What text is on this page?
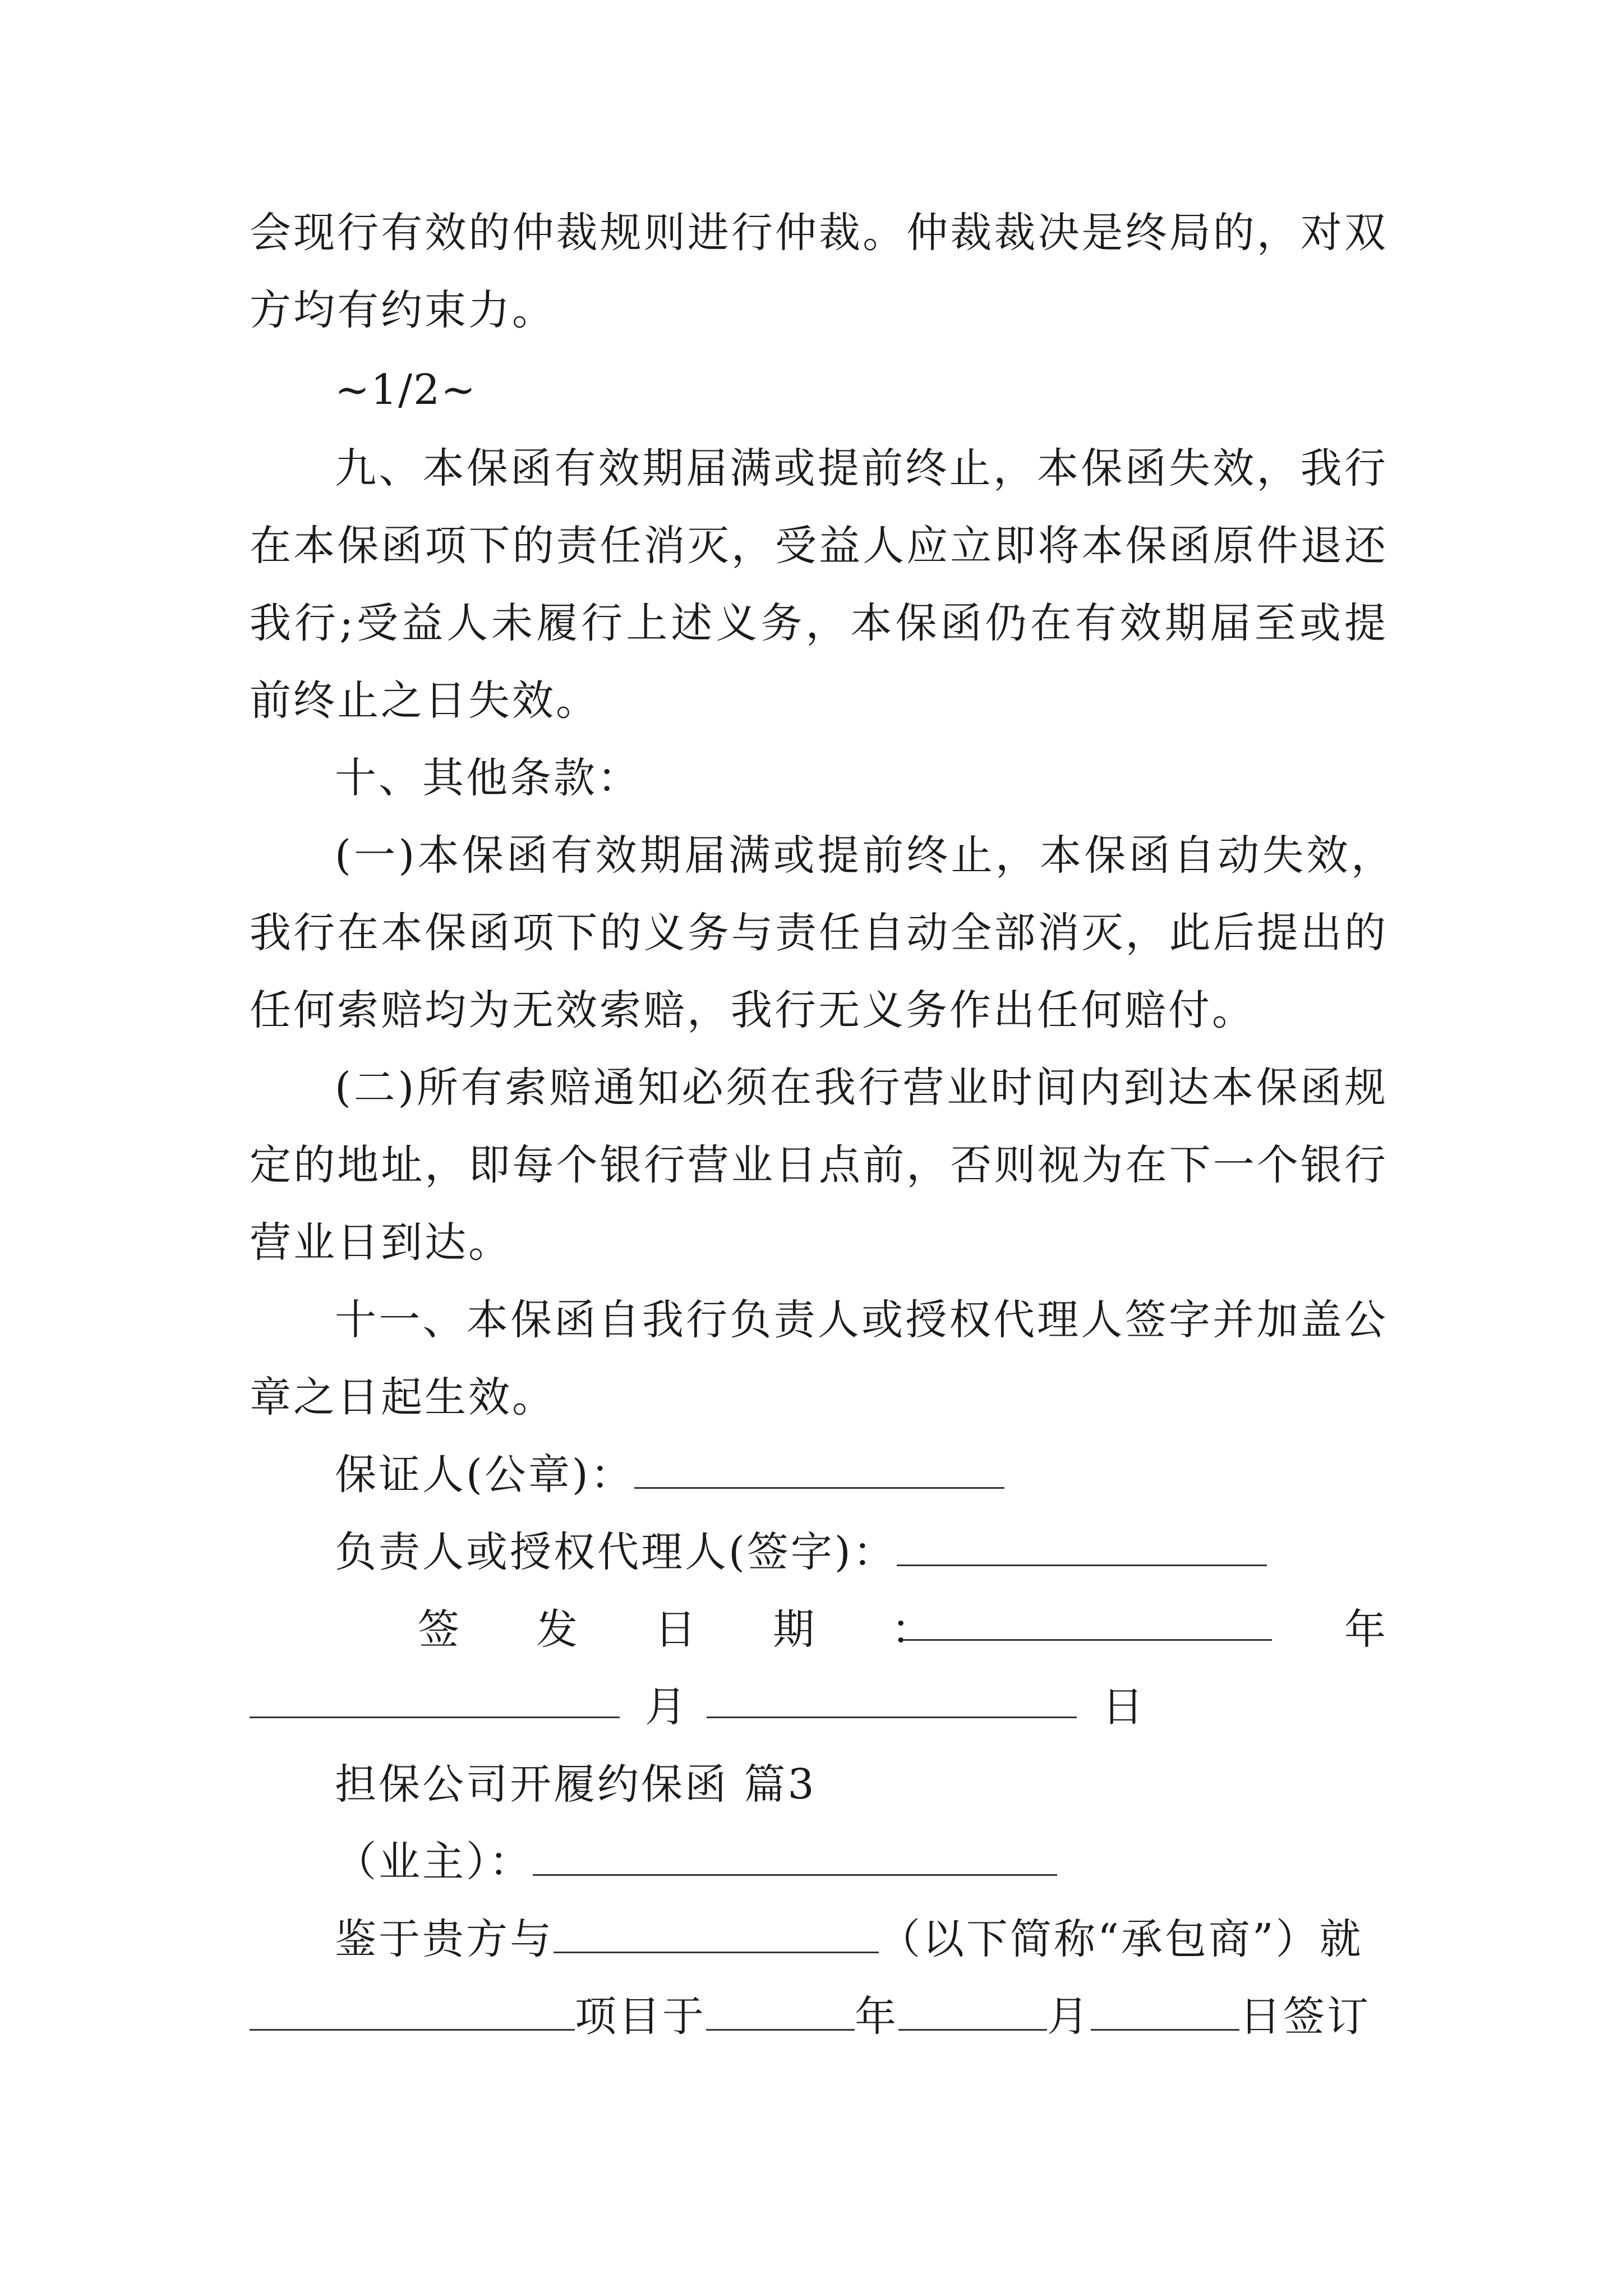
会现行有效的仲裁规则进行仲裁。仲裁裁决是终局的，对双
方均有约束力。
~1/2~
九、本保函有效期届满或提前终止，本保函失效，我行
在本保函项下的责任消灭，受益人应立即将本保函原件退还
我行;受益人未履行上述义务，本保函仍在有效期届至或提
前终止之日失效。
十、其他条款：
(一)本保函有效期届满或提前终止，本保函自动失效，
我行在本保函项下的义务与责任自动全部消灭，此后提出的
任何索赔均为无效索赔，我行无义务作出任何赔付。
(二)所有索赔通知必须在我行营业时间内到达本保函规
定的地址，即每个银行营业日点前，否则视为在下一个银行
营业日到达。
十一、本保函自我行负责人或授权代理人签字并加盖公
章之日起生效。
保证人(公章)：
负责人或授权代理人(签字)：
签  发  日  期  ：	年
月	日
担保公司开履约保函 篇3
（业主）：
鉴于贵方与	（以下简称“承包商”）就
项目于	年	月	日签订
